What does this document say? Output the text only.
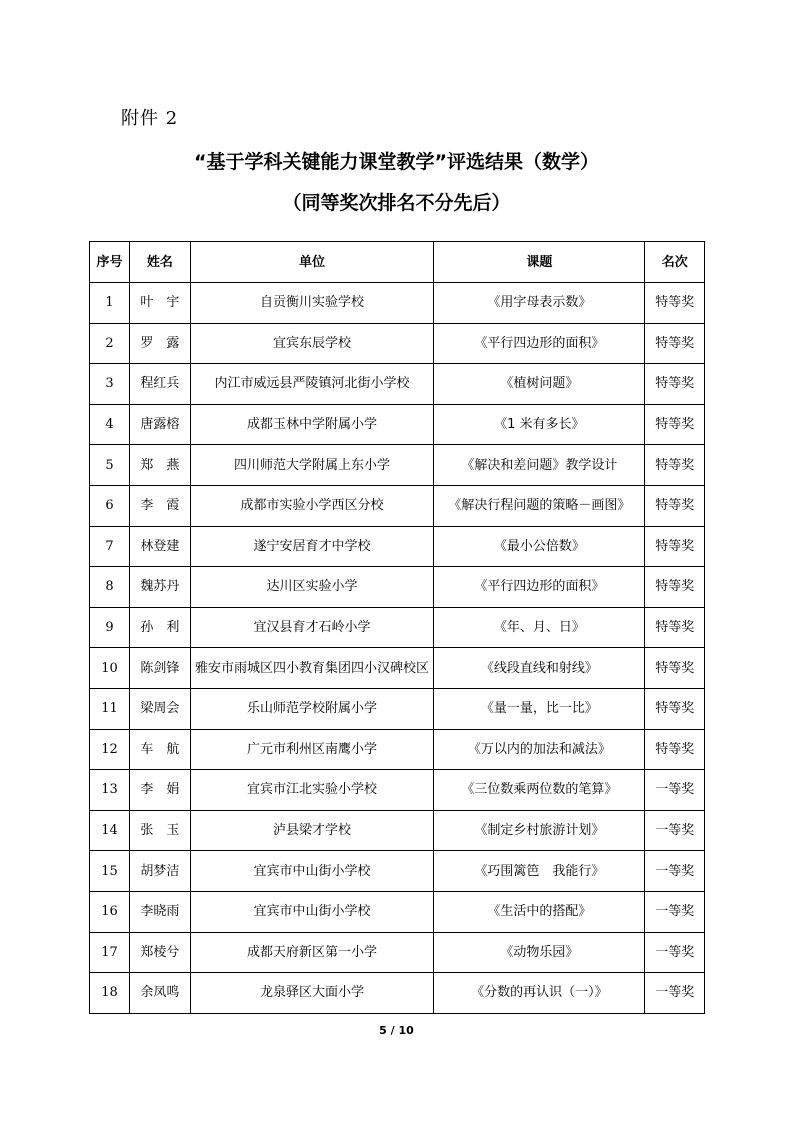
附件 2
“基于学科关键能力课堂教学”评选结果（数学）
（同等奖次排名不分先后）
序号	姓名	单位	课题	名次
1	叶　宇	自贡衡川实验学校	《用字母表示数》	特等奖
2	罗　露	宜宾东辰学校	《平行四边形的面积》	特等奖
3	程红兵	内江市威远县严陵镇河北街小学校	《植树问题》	特等奖
4	唐露榕	成都玉林中学附属小学	《1 米有多长》	特等奖
5	郑　燕	四川师范大学附属上东小学	《解决和差问题》教学设计	特等奖
6	李　霞	成都市实验小学西区分校	《解决行程问题的策略－画图》	特等奖
7	林登建	遂宁安居育才中学校	《最小公倍数》	特等奖
8	魏苏丹	达川区实验小学	《平行四边形的面积》	特等奖
9	孙　利	宜汉县育才石岭小学	《年、月、日》	特等奖
10	陈剑锋	雅安市雨城区四小教育集团四小汉碑校区	《线段直线和射线》	特等奖
11	梁周会	乐山师范学校附属小学	《量一量，比一比》	特等奖
12	车　航	广元市利州区南鹰小学	《万以内的加法和减法》	特等奖
13	李　娟	宜宾市江北实验小学校	《三位数乘两位数的笔算》	一等奖
14	张　玉	泸县梁才学校	《制定乡村旅游计划》	一等奖
15	胡梦洁	宜宾市中山街小学校	《巧围篱笆　我能行》	一等奖
16	李晓雨	宜宾市中山街小学校	《生活中的搭配》	一等奖
17	郑棱兮	成都天府新区第一小学	《动物乐园》	一等奖
18	余凤鸣	龙泉驿区大面小学	《分数的再认识（一）》	一等奖
5 / 10
